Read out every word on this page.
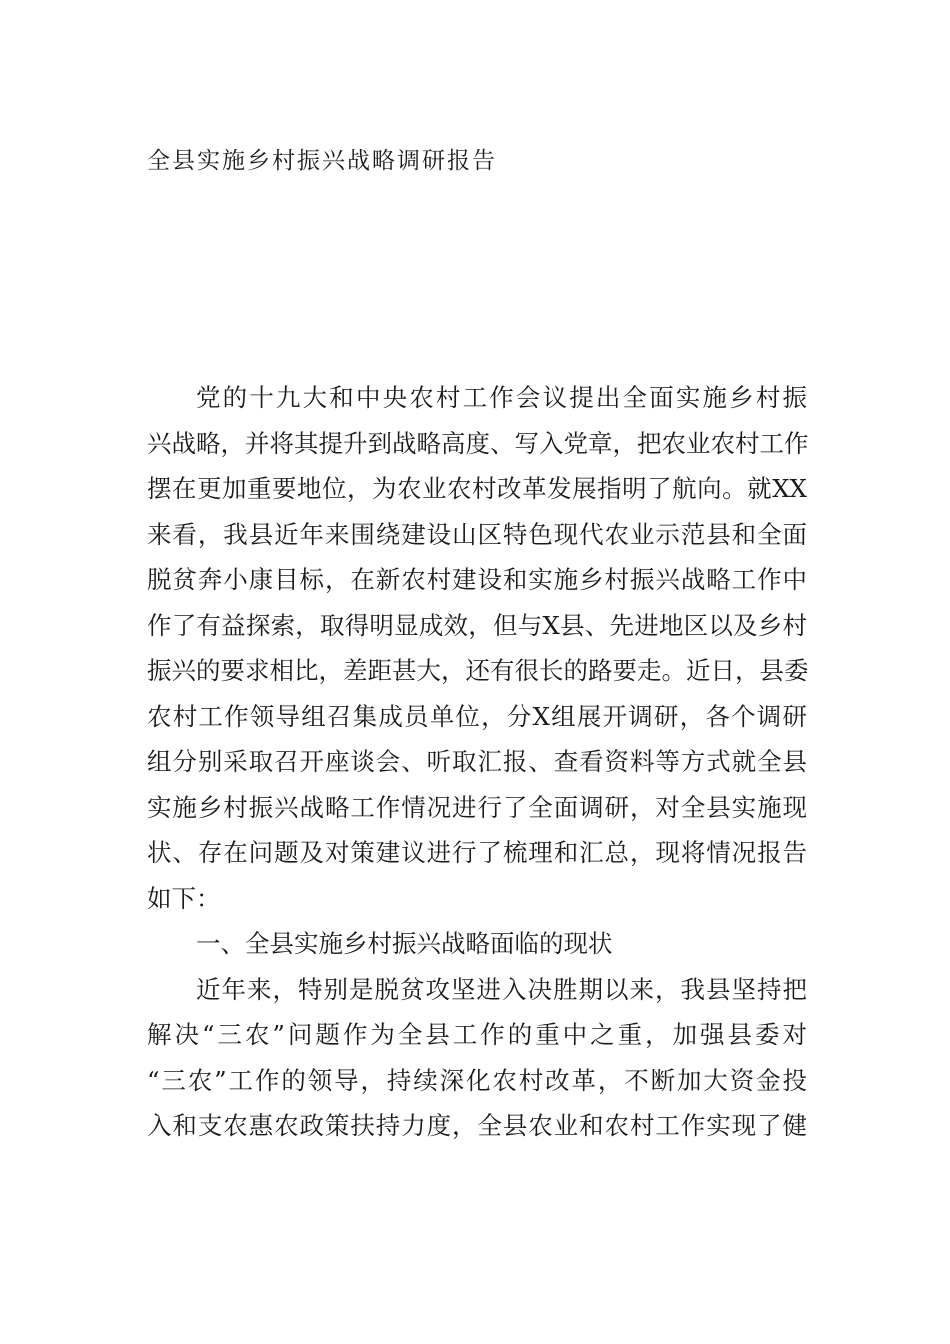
全县实施乡村振兴战略调研报告
党的十九大和中央农村工作会议提出全面实施乡村振
兴战略，并将其提升到战略高度、写入党章，把农业农村工作
摆在更加重要地位，为农业农村改革发展指明了航向。就XX
来看，我县近年来围绕建设山区特色现代农业示范县和全面
脱贫奔小康目标，在新农村建设和实施乡村振兴战略工作中
作了有益探索，取得明显成效，但与X县、先进地区以及乡村
振兴的要求相比，差距甚大，还有很长的路要走。近日，县委
农村工作领导组召集成员单位，分X组展开调研，各个调研
组分别采取召开座谈会、听取汇报、查看资料等方式就全县
实施乡村振兴战略工作情况进行了全面调研，对全县实施现
状、存在问题及对策建议进行了梳理和汇总，现将情况报告
如下：
一、全县实施乡村振兴战略面临的现状
近年来，特别是脱贫攻坚进入决胜期以来，我县坚持把
解决“三农”问题作为全县工作的重中之重，加强县委对
“三农”工作的领导，持续深化农村改革，不断加大资金投
入和支农惠农政策扶持力度，全县农业和农村工作实现了健
